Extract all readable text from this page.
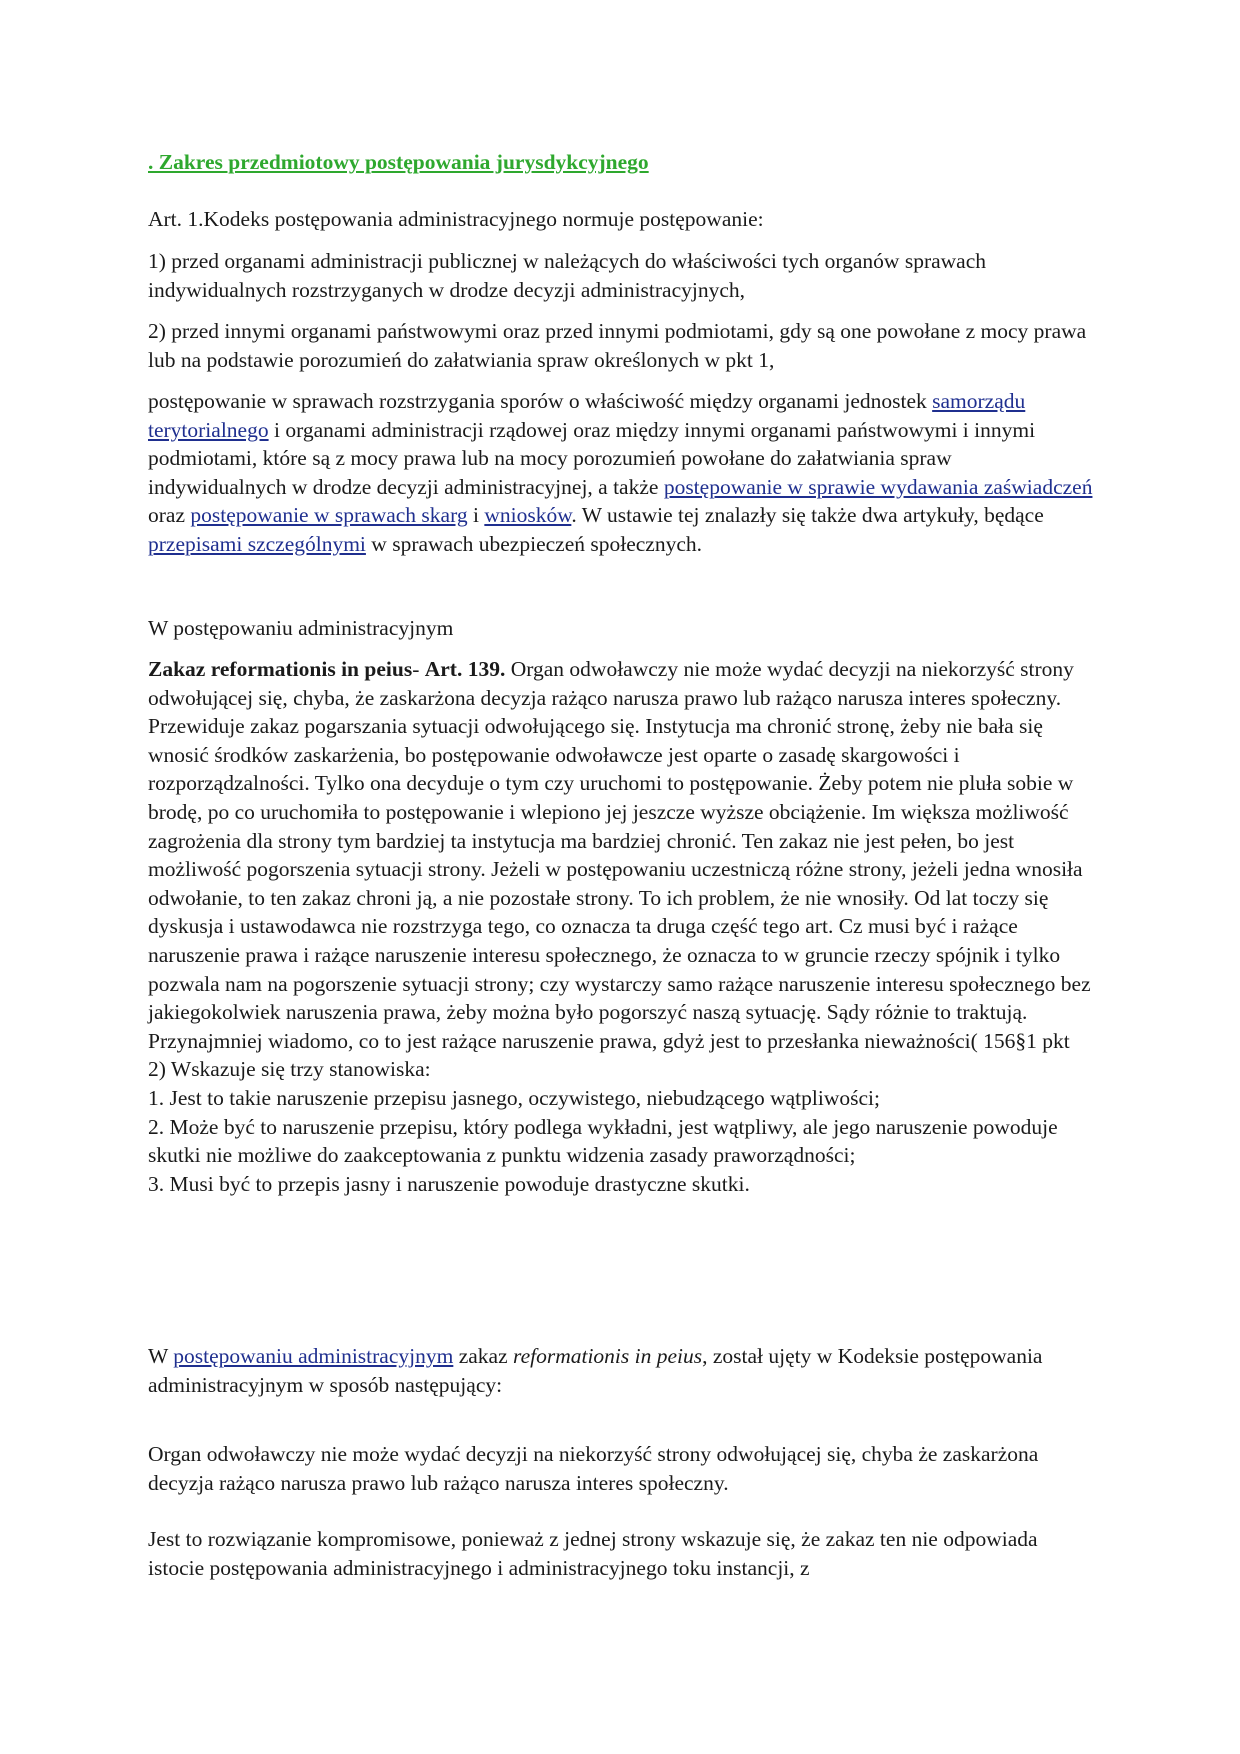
. Zakres przedmiotowy postępowania jurysdykcyjnego

Art. 1.Kodeks postępowania administracyjnego normuje postępowanie:

1) przed organami administracji publicznej w należących do właściwości tych organów sprawach indywidualnych rozstrzyganych w drodze decyzji administracyjnych,

2) przed innymi organami państwowymi oraz przed innymi podmiotami, gdy są one powołane z mocy prawa lub na podstawie porozumień do załatwiania spraw określonych w pkt 1,

postępowanie w sprawach rozstrzygania sporów o właściwość między organami jednostek samorządu terytorialnego i organami administracji rządowej oraz między innymi organami państwowymi i innymi podmiotami, które są z mocy prawa lub na mocy porozumień powołane do załatwiania spraw indywidualnych w drodze decyzji administracyjnej, a także postępowanie w sprawie wydawania zaświadczeń oraz postępowanie w sprawach skarg i wniosków. W ustawie tej znalazły się także dwa artykuły, będące przepisami szczególnymi w sprawach ubezpieczeń społecznych.

W postępowaniu administracyjnym

Zakaz reformationis in peius- Art. 139. Organ odwoławczy nie może wydać decyzji na niekorzyść strony odwołującej się, chyba, że zaskarżona decyzja rażąco narusza prawo lub rażąco narusza interes społeczny.
Przewiduje zakaz pogarszania sytuacji odwołującego się. Instytucja ma chronić stronę, żeby nie bała się wnosić środków zaskarżenia, bo postępowanie odwoławcze jest oparte o zasadę skargowości i rozporządzalności. Tylko ona decyduje o tym czy uruchomi to postępowanie. Żeby potem nie pluła sobie w brodę, po co uruchomiła to postępowanie i wlepiono jej jeszcze wyższe obciążenie. Im większa możliwość zagrożenia dla strony tym bardziej ta instytucja ma bardziej chronić. Ten zakaz nie jest pełen, bo jest możliwość pogorszenia sytuacji strony. Jeżeli w postępowaniu uczestniczą różne strony, jeżeli jedna wnosiła odwołanie, to ten zakaz chroni ją, a nie pozostałe strony. To ich problem, że nie wnosiły. Od lat toczy się dyskusja i ustawodawca nie rozstrzyga tego, co oznacza ta druga część tego art. Cz musi być i rażące naruszenie prawa i rażące naruszenie interesu społecznego, że oznacza to w gruncie rzeczy spójnik i tylko pozwala nam na pogorszenie sytuacji strony; czy wystarczy samo rażące naruszenie interesu społecznego bez jakiegokolwiek naruszenia prawa, żeby można było pogorszyć naszą sytuację. Sądy różnie to traktują. Przynajmniej wiadomo, co to jest rażące naruszenie prawa, gdyż jest to przesłanka nieważności( 156§1 pkt 2) Wskazuje się trzy stanowiska:
1. Jest to takie naruszenie przepisu jasnego, oczywistego, niebudzącego wątpliwości;
2. Może być to naruszenie przepisu, który podlega wykładni, jest wątpliwy, ale jego naruszenie powoduje skutki nie możliwe do zaakceptowania z punktu widzenia zasady praworządności;
3. Musi być to przepis jasny i naruszenie powoduje drastyczne skutki.

W postępowaniu administracyjnym zakaz reformationis in peius, został ujęty w Kodeksie postępowania administracyjnym w sposób następujący:

Organ odwoławczy nie może wydać decyzji na niekorzyść strony odwołującej się, chyba że zaskarżona decyzja rażąco narusza prawo lub rażąco narusza interes społeczny.

Jest to rozwiązanie kompromisowe, ponieważ z jednej strony wskazuje się, że zakaz ten nie odpowiada istocie postępowania administracyjnego i administracyjnego toku instancji, z
